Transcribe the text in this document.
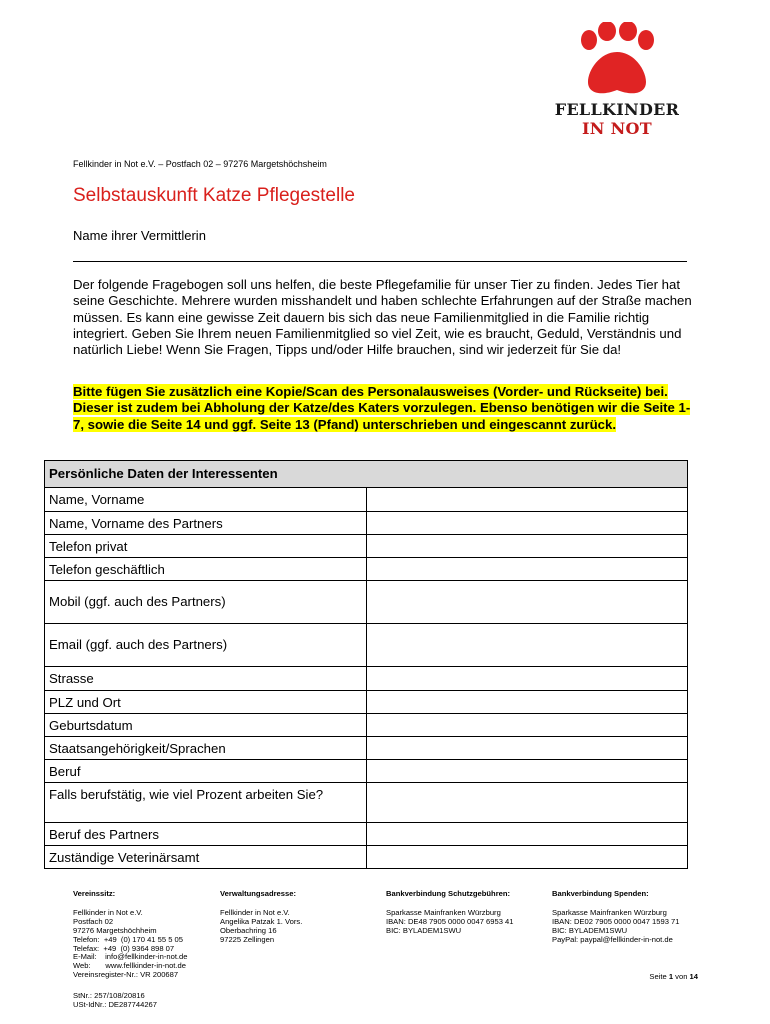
FELLKINDER
IN NOT
Fellkinder in Not e.V. – Postfach 02 – 97276 Margetshöchsheim
Selbstauskunft Katze Pflegestelle
Name ihrer Vermittlerin

Der folgende Fragebogen soll uns helfen, die beste Pflegefamilie für unser Tier zu finden. Jedes Tier hat seine Geschichte. Mehrere wurden misshandelt und haben schlechte Erfahrungen auf der Straße machen müssen. Es kann eine gewisse Zeit dauern bis sich das neue Familienmitglied in die Familie richtig integriert. Geben Sie Ihrem neuen Familienmitglied so viel Zeit, wie es braucht, Geduld, Verständnis und natürlich Liebe! Wenn Sie Fragen, Tipps und/oder Hilfe brauchen, sind wir jederzeit für Sie da!

Bitte fügen Sie zusätzlich eine Kopie/Scan des Personalausweises (Vorder- und Rückseite) bei. Dieser ist zudem bei Abholung der Katze/des Katers vorzulegen. Ebenso benötigen wir die Seite 1-7, sowie die Seite 14 und ggf. Seite 13 (Pfand) unterschrieben und eingescannt zurück.

Persönliche Daten der Interessenten	
Name, Vorname	
Name, Vorname des Partners	
Telefon privat	
Telefon geschäftlich	
Mobil (ggf. auch des Partners)	
Email (ggf. auch des Partners)	
Strasse	
PLZ und Ort	
Geburtsdatum	
Staatsangehörigkeit/Sprachen	
Beruf	
Falls berufstätig, wie viel Prozent arbeiten Sie?	
Beruf des Partners	
Zuständige Veterinärsamt	
Vereinssitz:
Fellkinder in Not e.V.
Postfach 02
97276 Margetshöchheim
Telefon:  +49  (0) 170 41 55 5 05
Telefax:  +49  (0) 9364 898 07
E-Mail:    info@fellkinder-in-not.de
Web:       www.fellkinder-in-not.de
Vereinsregister-Nr.: VR 200687
Verwaltungsadresse:
Fellkinder in Not e.V.
Angelika Patzak 1. Vors.
Oberbachring 16
97225 Zellingen
Bankverbindung Schutzgebühren:
Sparkasse Mainfranken Würzburg
IBAN: DE48 7905 0000 0047 6953 41
BIC: BYLADEM1SWU
Bankverbindung Spenden:
Sparkasse Mainfranken Würzburg
IBAN: DE02 7905 0000 0047 1593 71
BIC: BYLADEM1SWU
PayPal: paypal@fellkinder-in-not.de
Seite 1 von 14
StNr.: 257/108/20816
USt-IdNr.: DE287744267
